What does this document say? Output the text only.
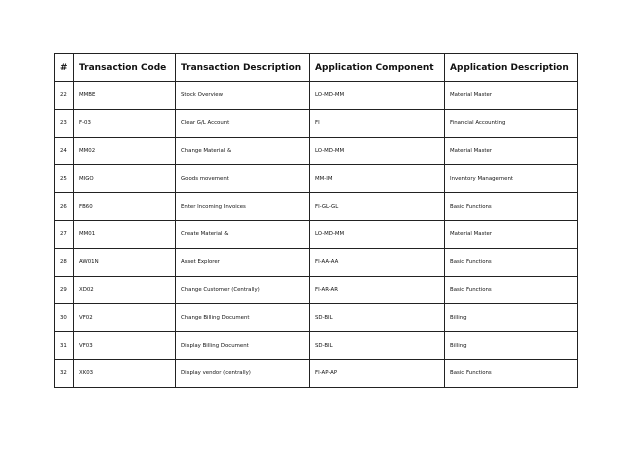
#	Transaction Code	Transaction Description	Application Component	Application Description
22	MMBE	Stock Overview	LO-MD-MM	Material Master
23	F-03	Clear G/L Account	FI	Financial Accounting
24	MM02	Change Material &	LO-MD-MM	Material Master
25	MIGO	Goods movement	MM-IM	Inventory Management
26	FB60	Enter Incoming Invoices	FI-GL-GL	Basic Functions
27	MM01	Create Material &	LO-MD-MM	Material Master
28	AW01N	Asset Explorer	FI-AA-AA	Basic Functions
29	XD02	Change Customer (Centrally)	FI-AR-AR	Basic Functions
30	VF02	Change Billing Document	SD-BIL	Billing
31	VF03	Display Billing Document	SD-BIL	Billing
32	XK03	Display vendor (centrally)	FI-AP-AP	Basic Functions
